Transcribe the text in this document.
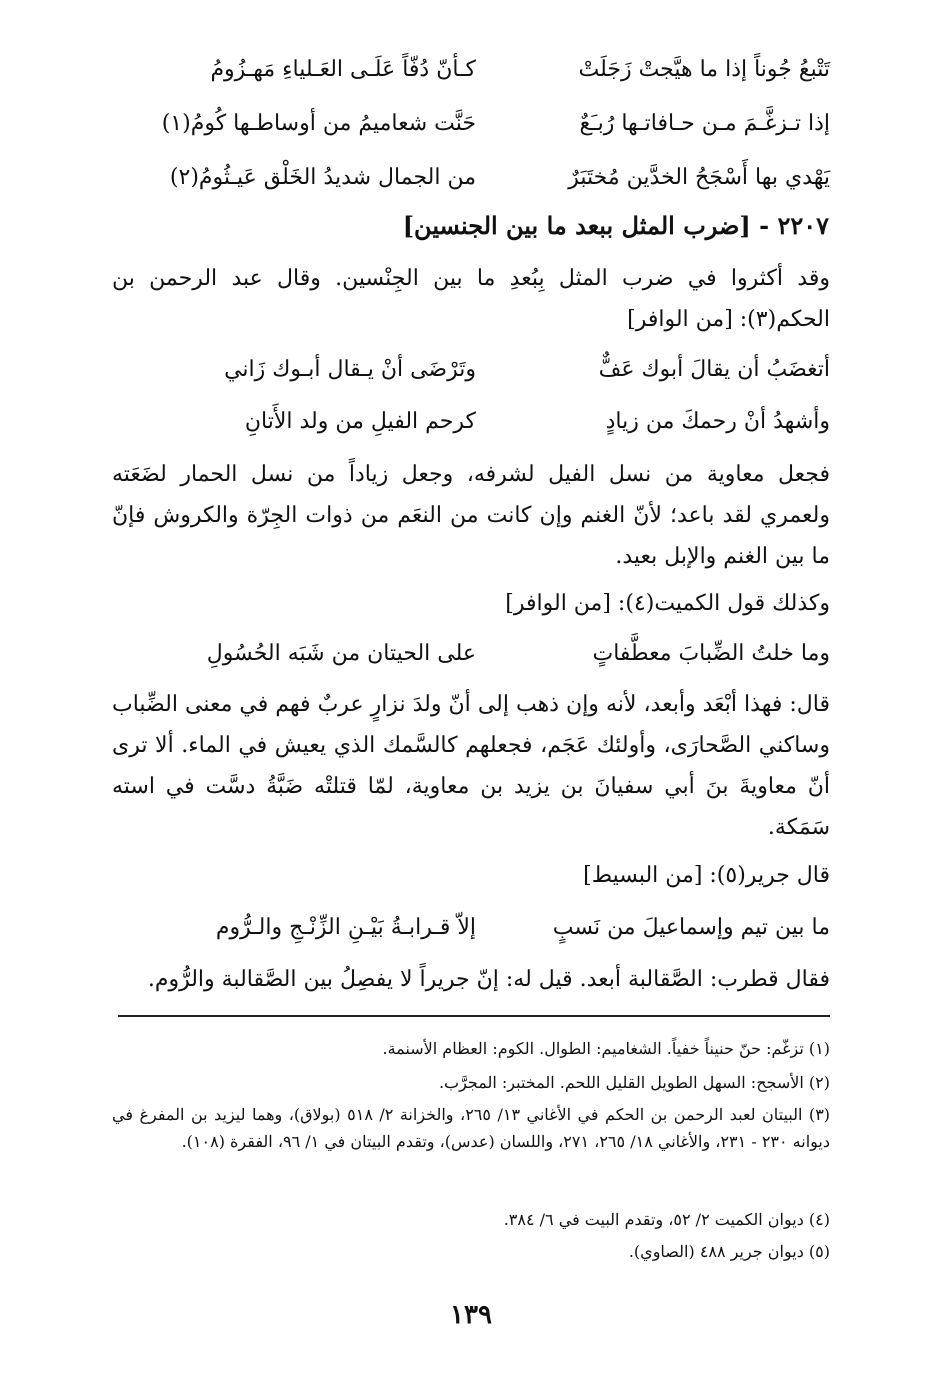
تَتْبعُ جُوناً إذا ما هيَّجتْ زَجَلَتْ
كـأنّ دُفّاً عَلَـى العَـلياءِ مَهـزُومُ
إذا تـزغَّـمَ مـن حـافاتـها رُبـَعٌ
حَنَّت شعاميمُ من أوساطـها كُومُ(١)
يَهْدي بها أَسْجَحُ الخدَّين مُختَبَرٌ
من الجمال شديدُ الخَلْق عَيـثُومُ(٢)
٢٢٠٧ - [ضرب المثل ببعد ما بين الجنسين]
وقد أكثروا في ضرب المثل بِبُعدِ ما بين الجِنْسين. وقال عبد الرحمن بن الحكم(٣): [من الوافر]
أتغضَبُ أن يقالَ أبوك عَفٌّ
وتَرْضَى أنْ يـقال أبـوك زَاني
وأشهدُ أنْ رحمكَ من زيادٍ
كرحم الفيلِ من ولد الأَتانِ
فجعل معاوية من نسل الفيل لشرفه، وجعل زياداً من نسل الحمار لضَعَته ولعمري لقد باعد؛ لأنّ الغنم وإن كانت من النعَم من ذوات الجِرّة والكروش فإنّ ما بين الغنم والإبل بعيد.
وكذلك قول الكميت(٤): [من الوافر]
وما خلتُ الضِّبابَ معطَّفاتٍ
على الحيتان من شَبَه الحُسُولِ
قال: فهذا أبْعَد وأبعد، لأنه وإن ذهب إلى أنّ ولدَ نزارٍ عربٌ فهم في معنى الضِّباب وساكني الصَّحارَى، وأولئك عَجَم، فجعلهم كالسَّمك الذي يعيش في الماء. ألا ترى أنّ معاويةَ بنَ أبي سفيانَ بن يزيد بن معاوية، لمّا قتلتْه ضَبَّةُ دسَّت في استه سَمَكة.
قال جرير(٥): [من البسيط]
ما بين تيم وإسماعيلَ من نَسبٍ
إلاّ قـرابـةُ بَيْـنِ الزِّنْـجِ والـرُّوم
فقال قطرب: الصَّقالبة أبعد. قيل له: إنّ جريراً لا يفصِلُ بين الصَّقالبة والرُّوم.
(١) تزغّم: حنّ حنيناً خفياً. الشغاميم: الطوال. الكوم: العظام الأسنمة.
(٢) الأسجح: السهل الطويل القليل اللحم. المختبر: المجرَّب.
(٣) البيتان لعبد الرحمن بن الحكم في الأغاني ١٣/ ٢٦٥، والخزانة ٢/ ٥١٨ (بولاق)، وهما ليزيد بن المفرغ في ديوانه ٢٣٠ - ٢٣١، والأغاني ١٨/ ٢٦٥، ٢٧١، واللسان (عدس)، وتقدم البيتان في ١/ ٩٦، الفقرة (١٠٨).
(٤) ديوان الكميت ٢/ ٥٢، وتقدم البيت في ٦/ ٣٨٤.
(٥) ديوان جرير ٤٨٨ (الصاوي).
١٣٩
